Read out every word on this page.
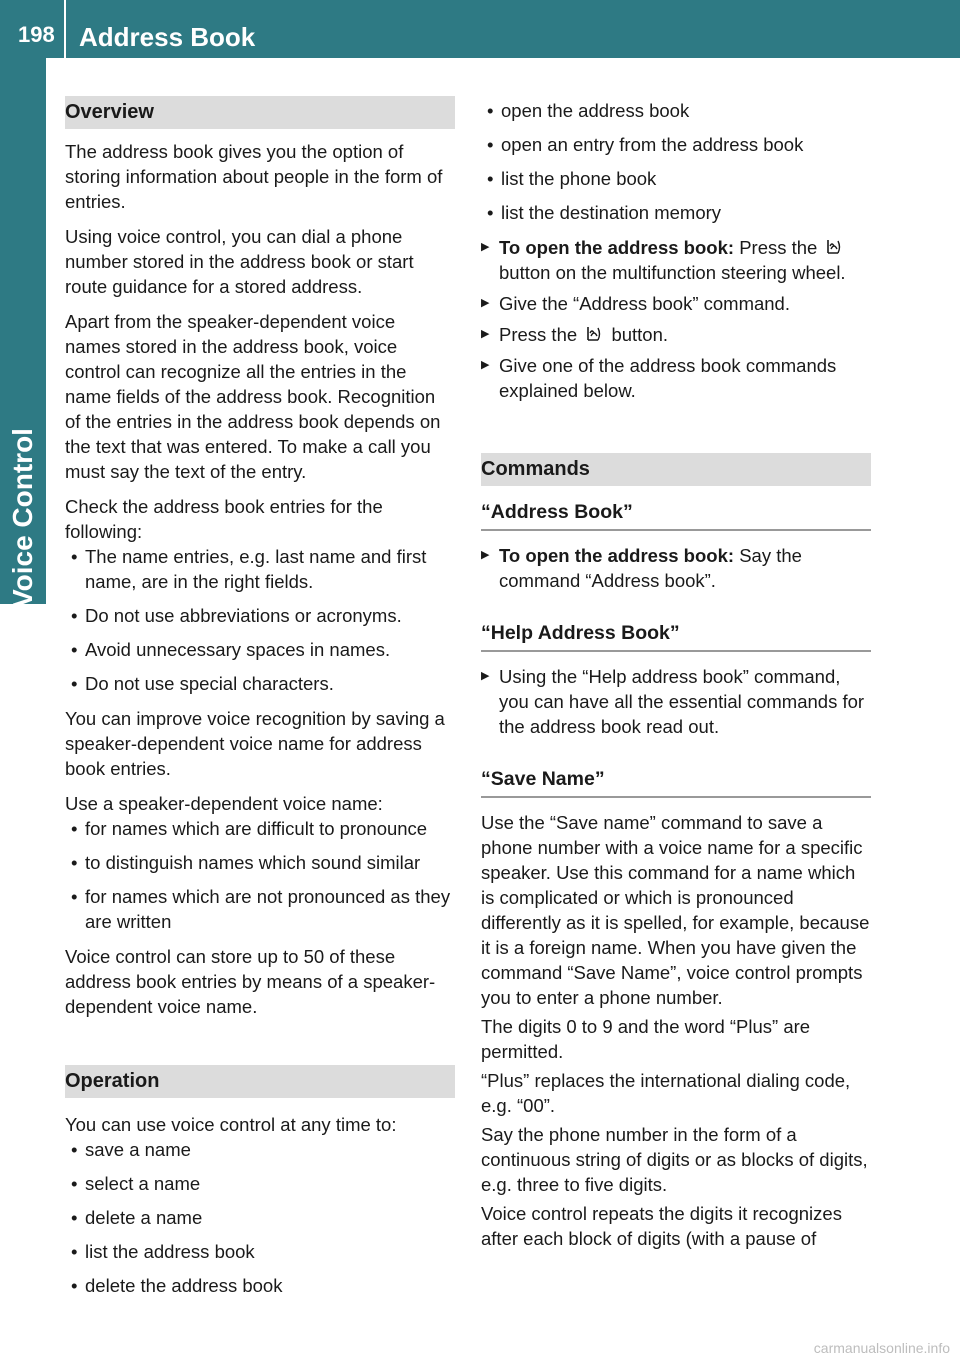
198 Address Book
Voice Control
Overview

The address book gives you the option of storing information about people in the form of entries.

Using voice control, you can dial a phone number stored in the address book or start route guidance for a stored address.

Apart from the speaker-dependent voice names stored in the address book, voice control can recognize all the entries in the name fields of the address book. Recognition of the entries in the address book depends on the text that was entered. To make a call you must say the text of the entry.

Check the address book entries for the following:

• The name entries, e.g. last name and first name, are in the right fields.
• Do not use abbreviations or acronyms.
• Avoid unnecessary spaces in names.
• Do not use special characters.

You can improve voice recognition by saving a speaker-dependent voice name for address book entries.

Use a speaker-dependent voice name:

• for names which are difficult to pronounce
• to distinguish names which sound similar
• for names which are not pronounced as they are written

Voice control can store up to 50 of these address book entries by means of a speaker-dependent voice name.

Operation

You can use voice control at any time to:

• save a name
• select a name
• delete a name
• list the address book
• delete the address book
• open the address book
• open an entry from the address book
• list the phone book
• list the destination memory
▶ To open the address book: Press the
button on the multifunction steering wheel.
▶ Give the “Address book” command.
▶ Press the button.
▶ Give one of the address book commands explained below.
Commands
“Address Book”
▶ To open the address book: Say the command “Address book”.
“Help Address Book”
▶ Using the “Help address book” command, you can have all the essential commands for the address book read out.
“Save Name”

Use the “Save name” command to save a phone number with a voice name for a specific speaker. Use this command for a name which is complicated or which is pronounced differently as it is spelled, for example, because it is a foreign name. When you have given the command “Save Name”, voice control prompts you to enter a phone number.

The digits 0 to 9 and the word “Plus” are permitted.

“Plus” replaces the international dialing code, e.g. “00”.

Say the phone number in the form of a continuous string of digits or as blocks of digits, e.g. three to five digits.

Voice control repeats the digits it recognizes after each block of digits (with a pause of

carmanualsonline.info
